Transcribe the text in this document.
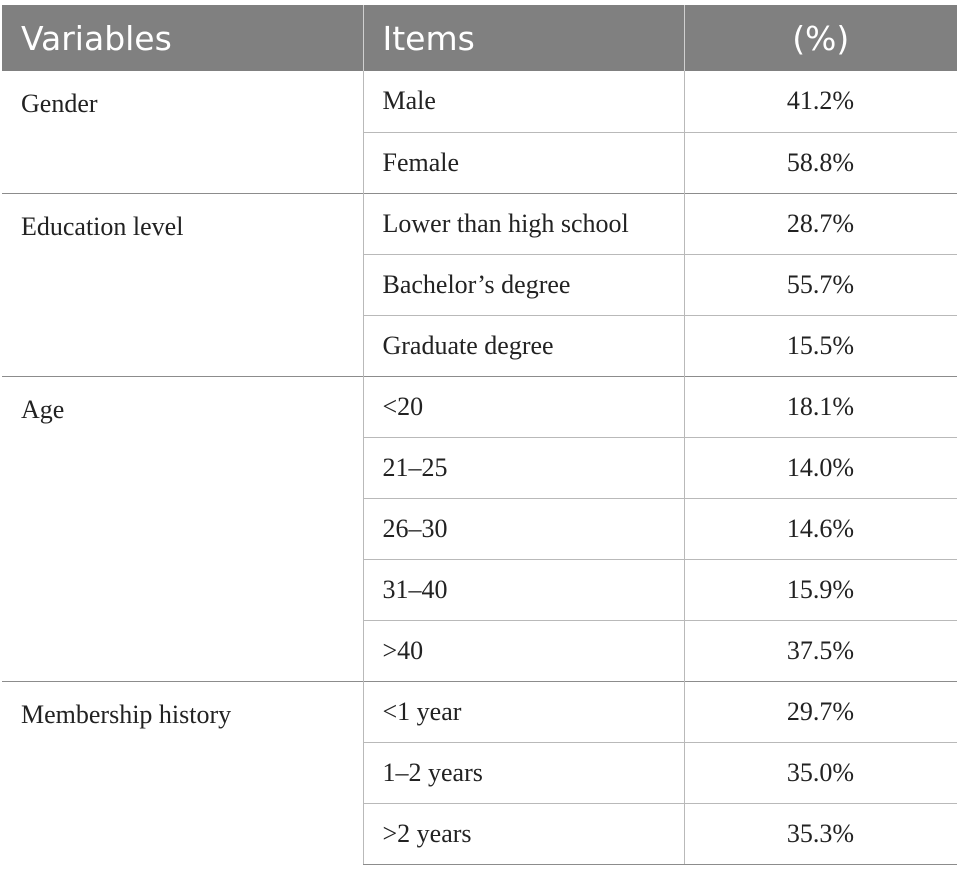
Variables	Items	(%)
Gender	Male	41.2%
	Female	58.8%
Education level	Lower than high school	28.7%
	Bachelor’s degree	55.7%
	Graduate degree	15.5%
Age	<20	18.1%
	21–25	14.0%
	26–30	14.6%
	31–40	15.9%
	>40	37.5%
Membership history	<1 year	29.7%
	1–2 years	35.0%
	>2 years	35.3%
